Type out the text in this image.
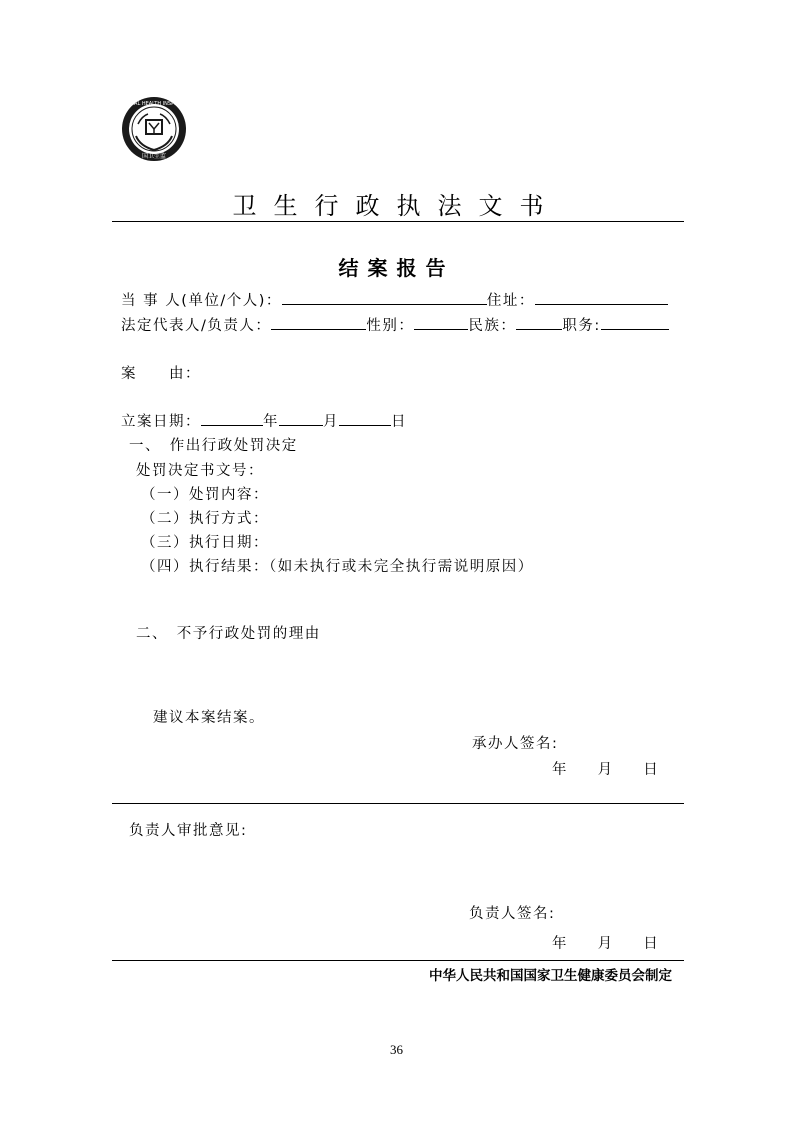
NATIONAL HEALTH INSPECTION
国卫生监
卫生行政执法文书
结案报告
当 事 人(单位/个人)：	住址：
法定代表人/负责人：	性别：	民族：	职务:
案　　由：
立案日期：	年	月	日
一、　作出行政处罚决定
处罚决定书文号：
（一）处罚内容：
（二）执行方式：
（三）执行日期：
（四）执行结果：（如未执行或未完全执行需说明原因）
二、　不予行政处罚的理由
建议本案结案。
承办人签名:
年　 月　 日
负责人审批意见:
负责人签名:
年　 月　 日
中华人民共和国国家卫生健康委员会制定
36
